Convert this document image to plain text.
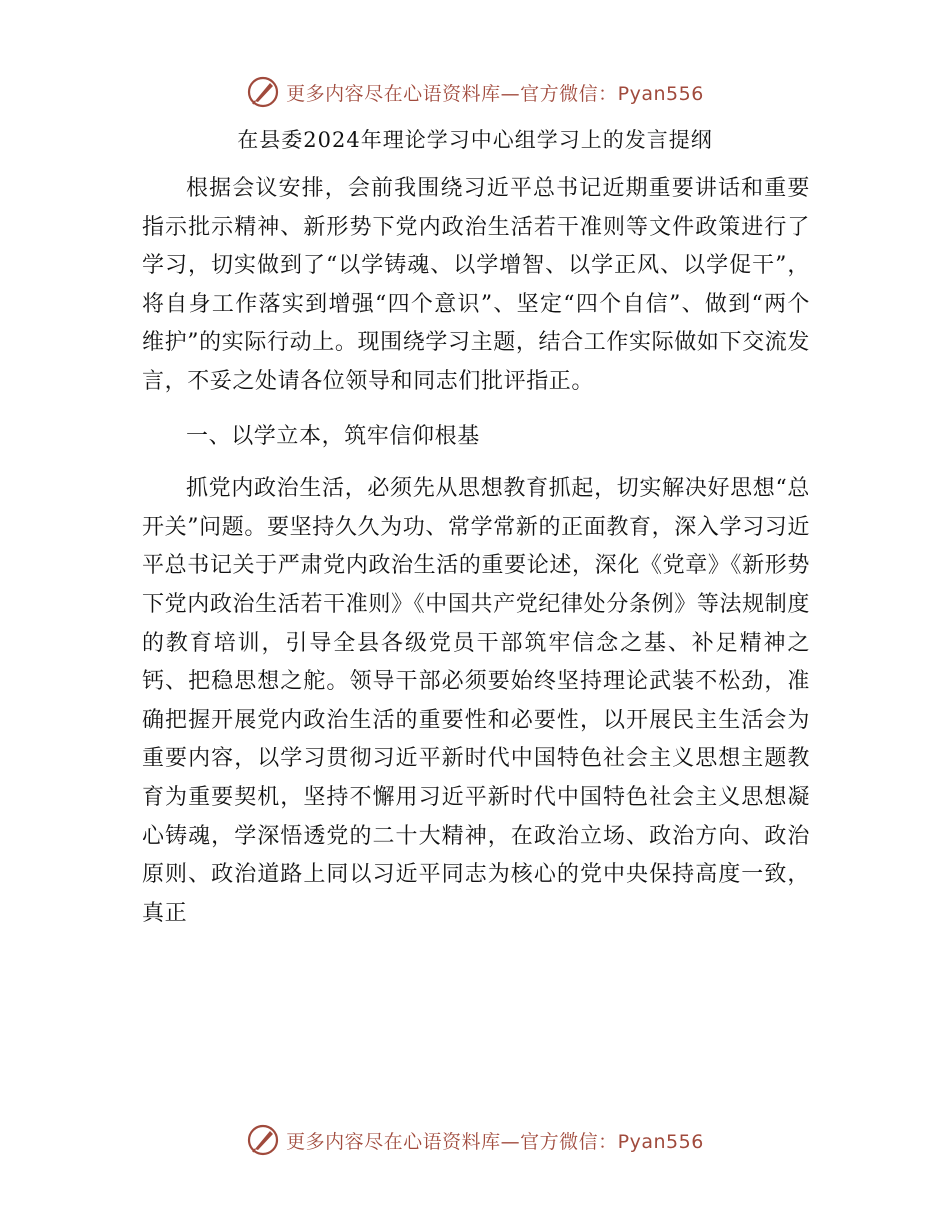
更多内容尽在心语资料库—官方微信：Pyan556
在县委2024年理论学习中心组学习上的发言提纲

根据会议安排，会前我围绕习近平总书记近期重要讲话和重要指示批示精神、新形势下党内政治生活若干准则等文件政策进行了学习，切实做到了“以学铸魂、以学增智、以学正风、以学促干”，将自身工作落实到增强“四个意识”、坚定“四个自信”、做到“两个维护”的实际行动上。现围绕学习主题，结合工作实际做如下交流发言，不妥之处请各位领导和同志们批评指正。

一、以学立本，筑牢信仰根基

抓党内政治生活，必须先从思想教育抓起，切实解决好思想“总开关”问题。要坚持久久为功、常学常新的正面教育，深入学习习近平总书记关于严肃党内政治生活的重要论述，深化《党章》《新形势下党内政治生活若干准则》《中国共产党纪律处分条例》等法规制度的教育培训，引导全县各级党员干部筑牢信念之基、补足精神之钙、把稳思想之舵。领导干部必须要始终坚持理论武装不松劲，准确把握开展党内政治生活的重要性和必要性，以开展民主生活会为重要内容，以学习贯彻习近平新时代中国特色社会主义思想主题教育为重要契机，坚持不懈用习近平新时代中国特色社会主义思想凝心铸魂，学深悟透党的二十大精神，在政治立场、政治方向、政治原则、政治道路上同以习近平同志为核心的党中央保持高度一致，真正

更多内容尽在心语资料库—官方微信：Pyan556
